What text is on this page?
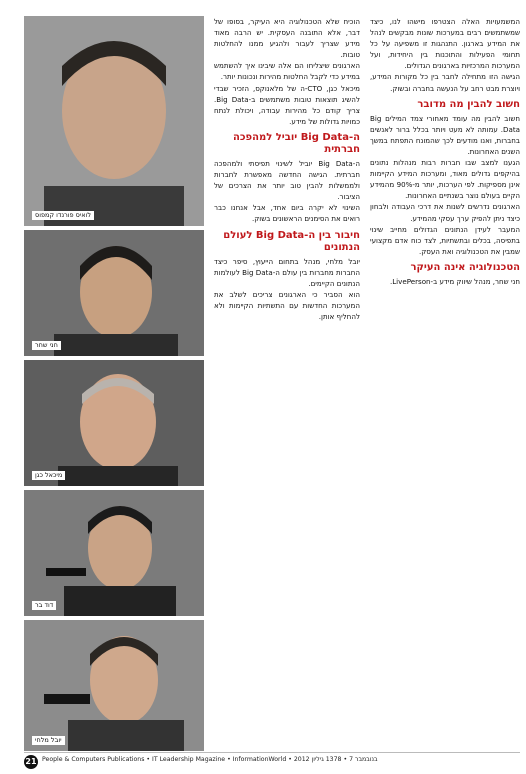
המשמעויות האלה הצטרפו מישהו לנו, כיצד שמשתמשים רבים במערכות שונות מבקשים לנהל את המידע בארגון. התנהגות זו משפיעה על כל תחומי הפעילות והתוכנות בין היחידות, ועל המערכות המרכזיות בארגונים הגדולים.

הגישה הזו מתחילה לחבר בין כל מקורות המידע, ויוצרת מבט רחב על הנעשה בחברה ובשוק.

חשוב להבין מה מדובר

חשוב להבין מה עומד מאחורי צמד המילים Big Data. עמותה לא מעט ויותר בכלל ברור לאנשים בחברות, ואנו מודעים לכך שהמונח התפתח במשך השנים האחרונות.

הגענו למצב שבו חברות רבות מנהלות נתונים בהיקפים גדולים מאוד, ומערכות המידע הקיימות אינן מספיקות. לפי הערכות, יותר מ-90% מהמידע הקיים בעולם נוצר בשנתיים האחרונות.

הארגונים נדרשים לשנות את דרכי העבודה ולבחון כיצד ניתן להפיק ערך עסקי מהמידע.

המעבר לעידן הנתונים הגדולים מחייב שינוי בתפיסה, בכלים ובתשתיות, לצד כוח אדם מקצועי שמבין את הטכנולוגיה ואת העסק.

הטכנולוגיה אינה העיקר

חני שחר, מנהל שיווק מידע ב-LivePerson.

הוכיח שלא הטכנולוגיה היא העיקר, בסופו של דבר, אלא התובנה העסקית. יש הרבה מאוד מידע שצריך לעבור ולהגיע ממנו להחלטות טובות.

הארגונים שיצליחו הם אלה שיבינו איך להשתמש במידע כדי לקבל החלטות מהירות ונכונות יותר.

מיכאל כגן, CTO-ה של מלאנוקס, הזכיר שבדי להשיג תוצאות טובות משתמשים ב-Big Data. צריך קודם כל מהירות עבודה, ויכולת לנתח כמויות גדולות של מידע.

ה-Big Data יוביל למהפכה חברתית

ה-Big Data יוביל לשינוי תפיסתי ולמהפכה חברתית. הגישה החדשה מאפשרת לחברות ולממשלות להבין טוב יותר את הצרכים של הציבור.

השינוי לא יקרה ביום אחד, אבל אנחנו כבר רואים את הסימנים הראשונים בשוק.

חיבור בין ה-Big Data לעולם הנתונים

יובל מלחי, מנהל בתחום הייעוץ, סיפר כיצד החברות מחברות בין עולם ה-Big Data לעולמות הנתונים הקיימים.

הוא הסביר כי הארגונים צריכים לשלב את המערכות החדשות עם התשתיות הקיימות ולא להחליף אותן.

לואיס פורנדו קמפוס
חני שחר
מיכאל כגן
דוד בר
יובל מלחי
21 People & Computers Publications • IT Leadership Magazine • InformationWorld • 2012 בנובמבר 7 • 1378 גיליון
